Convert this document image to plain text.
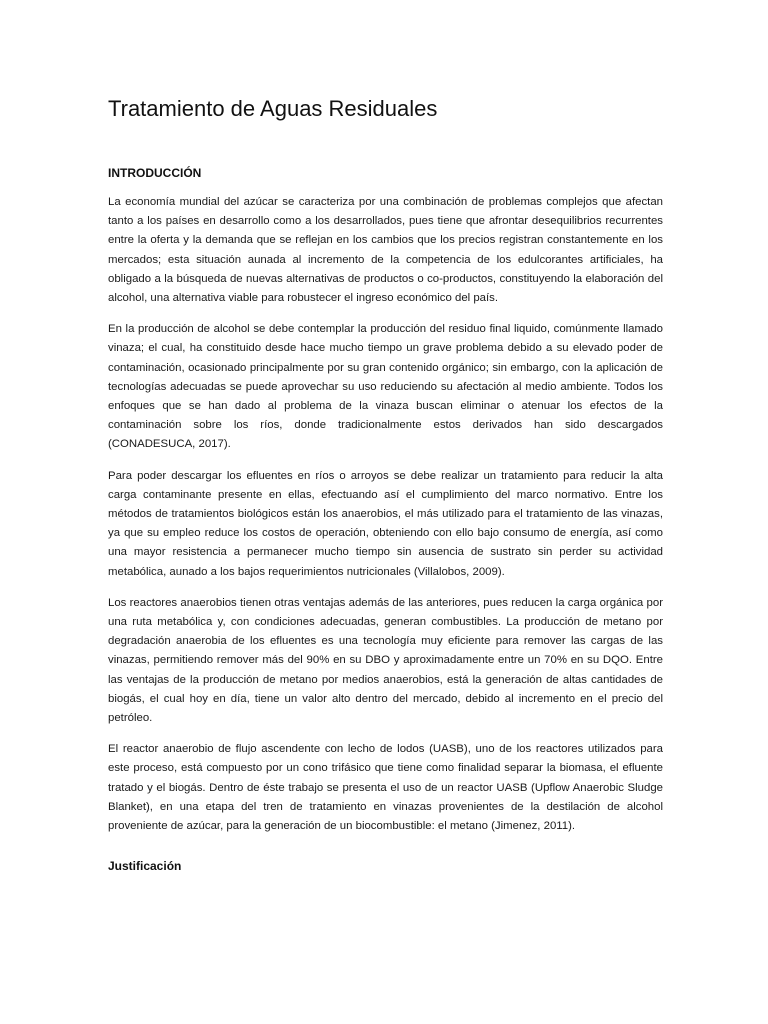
Tratamiento de Aguas Residuales
INTRODUCCIÓN

La economía mundial del azúcar se caracteriza por una combinación de problemas complejos que afectan tanto a los países en desarrollo como a los desarrollados, pues tiene que afrontar desequilibrios recurrentes entre la oferta y la demanda que se reflejan en los cambios que los precios registran constantemente en los mercados; esta situación aunada al incremento de la competencia de los edulcorantes artificiales, ha obligado a la búsqueda de nuevas alternativas de productos o co-productos, constituyendo la elaboración del alcohol, una alternativa viable para robustecer el ingreso económico del país.

En la producción de alcohol se debe contemplar la producción del residuo final liquido, comúnmente llamado vinaza; el cual, ha constituido desde hace mucho tiempo un grave problema debido a su elevado poder de contaminación, ocasionado principalmente por su gran contenido orgánico; sin embargo, con la aplicación de tecnologías adecuadas se puede aprovechar su uso reduciendo su afectación al medio ambiente. Todos los enfoques que se han dado al problema de la vinaza buscan eliminar o atenuar los efectos de la contaminación sobre los ríos, donde tradicionalmente estos derivados han sido descargados (CONADESUCA, 2017).

Para poder descargar los efluentes en ríos o arroyos se debe realizar un tratamiento para reducir la alta carga contaminante presente en ellas, efectuando así el cumplimiento del marco normativo. Entre los métodos de tratamientos biológicos están los anaerobios, el más utilizado para el tratamiento de las vinazas, ya que su empleo reduce los costos de operación, obteniendo con ello bajo consumo de energía, así como una mayor resistencia a permanecer mucho tiempo sin ausencia de sustrato sin perder su actividad metabólica, aunado a los bajos requerimientos nutricionales (Villalobos, 2009).

Los reactores anaerobios tienen otras ventajas además de las anteriores, pues reducen la carga orgánica por una ruta metabólica y, con condiciones adecuadas, generan combustibles. La producción de metano por degradación anaerobia de los efluentes es una tecnología muy eficiente para remover las cargas de las vinazas, permitiendo remover más del 90% en su DBO y aproximadamente entre un 70% en su DQO. Entre las ventajas de la producción de metano por medios anaerobios, está la generación de altas cantidades de biogás, el cual hoy en día, tiene un valor alto dentro del mercado, debido al incremento en el precio del petróleo.

El reactor anaerobio de flujo ascendente con lecho de lodos (UASB), uno de los reactores utilizados para este proceso, está compuesto por un cono trifásico que tiene como finalidad separar la biomasa, el efluente tratado y el biogás. Dentro de éste trabajo se presenta el uso de un reactor UASB (Upflow Anaerobic Sludge Blanket), en una etapa del tren de tratamiento en vinazas provenientes de la destilación de alcohol proveniente de azúcar, para la generación de un biocombustible: el metano (Jimenez, 2011).

Justificación
